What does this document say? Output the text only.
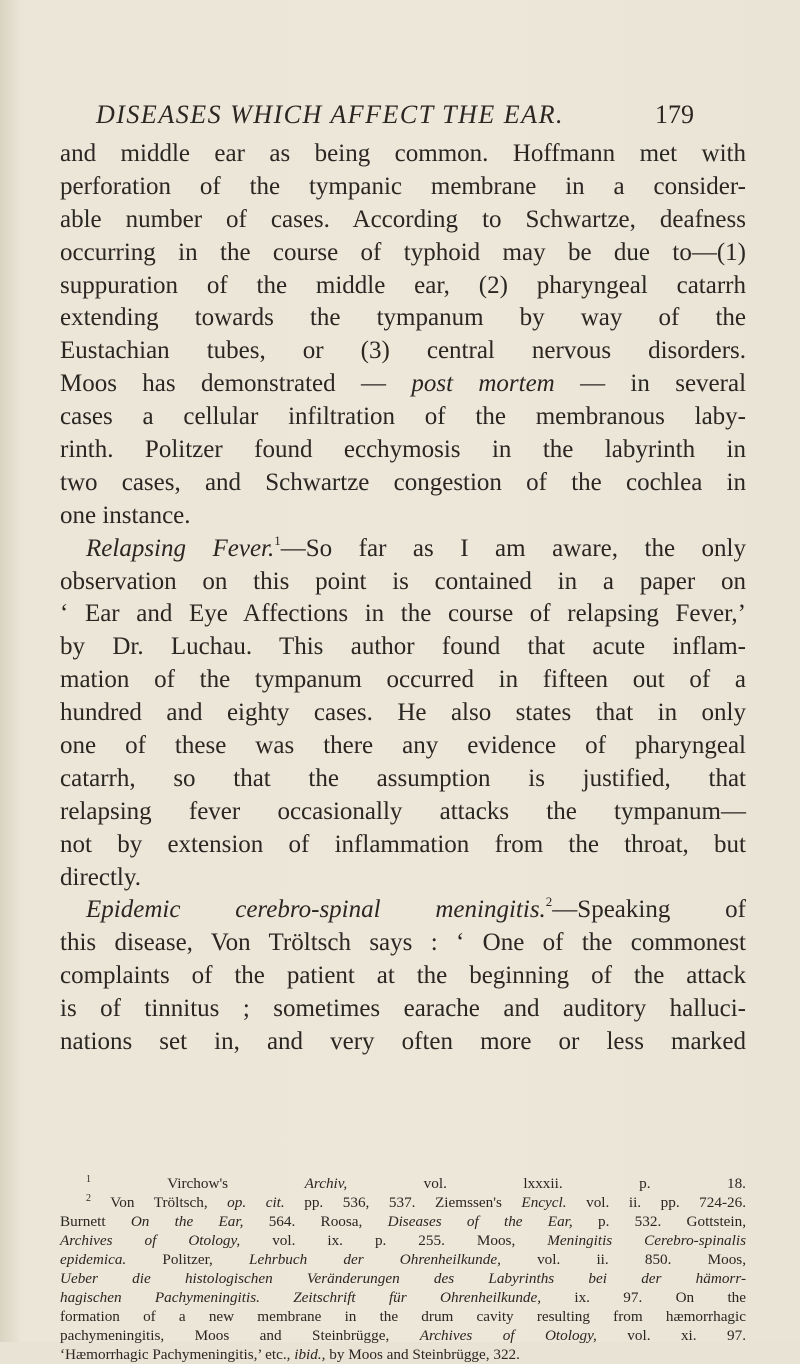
DISEASES WHICH AFFECT THE EAR.	179
and middle ear as being common. Hoffmann met with
perforation of the tympanic membrane in a consider-
able number of cases. According to Schwartze, deafness
occurring in the course of typhoid may be due to—(1)
suppuration of the middle ear, (2) pharyngeal catarrh
extending towards the tympanum by way of the
Eustachian tubes, or (3) central nervous disorders.
Moos has demonstrated — post mortem — in several
cases a cellular infiltration of the membranous laby-
rinth. Politzer found ecchymosis in the labyrinth in
two cases, and Schwartze congestion of the cochlea in
one instance.
Relapsing Fever.$^1$—So far as I am aware, the only
observation on this point is contained in a paper on
‘ Ear and Eye Affections in the course of relapsing Fever,’
by Dr. Luchau. This author found that acute inflam-
mation of the tympanum occurred in fifteen out of a
hundred and eighty cases. He also states that in only
one of these was there any evidence of pharyngeal
catarrh, so that the assumption is justified, that
relapsing fever occasionally attacks the tympanum—
not by extension of inflammation from the throat, but
directly.
Epidemic cerebro-spinal meningitis.$^2$—Speaking of
this disease, Von Tröltsch says : ‘ One of the commonest
complaints of the patient at the beginning of the attack
is of tinnitus ; sometimes earache and auditory halluci-
nations set in, and very often more or less marked
$^1$ Virchow's Archiv, vol. lxxxii. p. 18.
$^2$ Von Tröltsch, op. cit. pp. 536, 537. Ziemssen's Encycl. vol. ii. pp. 724-26.
Burnett On the Ear, 564. Roosa, Diseases of the Ear, p. 532. Gottstein,
Archives of Otology, vol. ix. p. 255. Moos, Meningitis Cerebro-spinalis
epidemica. Politzer, Lehrbuch der Ohrenheilkunde, vol. ii. 850. Moos,
Ueber die histologischen Veränderungen des Labyrinths bei der hämorr-
hagischen Pachymeningitis. Zeitschrift für Ohrenheilkunde, ix. 97. On the
formation of a new membrane in the drum cavity resulting from hæmorrhagic
pachymeningitis, Moos and Steinbrügge, Archives of Otology, vol. xi. 97.
‘Hæmorrhagic Pachymeningitis,’ etc., ibid., by Moos and Steinbrügge, 322.
